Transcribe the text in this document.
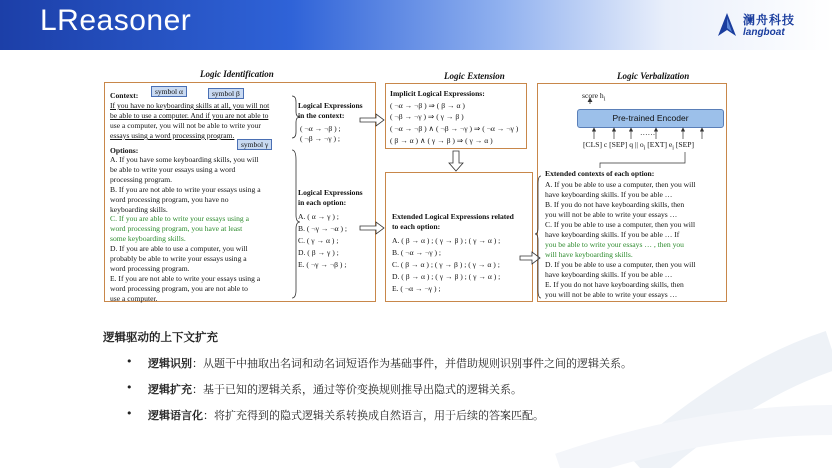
LReasoner	澜舟科技
langboat
Logic Identification	Logic Extension	Logic Verbalization
symbol α	symbol β
symbol γ
Context:
If you have no keyboarding skills at all, you will not
be able to use a computer. And if you are not able to
use a computer, you will not be able to write your
essays using a word processing program.
Options:
A. If you have some keyboarding skills, you will
be able to write your essays using a word
processing program.
B. If you are not able to write your essays using a
word processing program, you have no
keyboarding skills.
C. If you are able to write your essays using a
word processing program, you have at least
some keyboarding skills.
D. If you are able to use a computer, you will
probably be able to write your essays using a
word processing program.
E. If you are not able to write your essays using a
word processing program, you are not able to
use a computer.
Logical Expressions
in the context:
( ¬α → ¬β ) ;
( ¬β → ¬γ ) ;
Logical Expressions
in each option:
A. ( α → γ ) ;
B. ( ¬γ → ¬α ) ;
C. ( γ → α ) ;
D. ( β → γ ) ;
E. ( ¬γ → ¬β ) ;
Implicit Logical Expressions:
( ¬α → ¬β ) ⇒ ( β → α )
( ¬β → ¬γ ) ⇒ ( γ → β )
( ¬α → ¬β ) ∧ ( ¬β → ¬γ ) ⇒ ( ¬α → ¬γ )
( β → α ) ∧ ( γ → β ) ⇒ ( γ → α )
Extended Logical Expressions related
to each option:
A. ( β → α ) ; ( γ → β ) ; ( γ → α ) ;
B. ( ¬α → ¬γ ) ;
C. ( β → α ) ; ( γ → β ) ; ( γ → α ) ;
D. ( β → α ) ; ( γ → β ) ; ( γ → α ) ;
E. ( ¬α → ¬γ ) ;
score $h_i$
Pre-trained Encoder
……
[CLS] c [SEP] q || $o_i$ [EXT] $e_i$ [SEP]
Extended contexts of each option:
A. If you be able to use a computer, then you will
have keyboarding skills. If you be able …
B. If you do not have keyboarding skills, then
you will not be able to write your essays …
C. If you be able to use a computer, then you will
have keyboarding skills. If you be able … If
you be able to write your essays … , then you
will have keyboarding skills.
D. If you be able to use a computer, then you will
have keyboarding skills. If you be able …
E. If you do not have keyboarding skills, then
you will not be able to write your essays …
逻辑驱动的上下文扩充
• 逻辑识别：从题干中抽取出名词和动名词短语作为基础事件，并借助规则识别事件之间的逻辑关系。
• 逻辑扩充：基于已知的逻辑关系，通过等价变换规则推导出隐式的逻辑关系。
• 逻辑语言化：将扩充得到的隐式逻辑关系转换成自然语言，用于后续的答案匹配。
